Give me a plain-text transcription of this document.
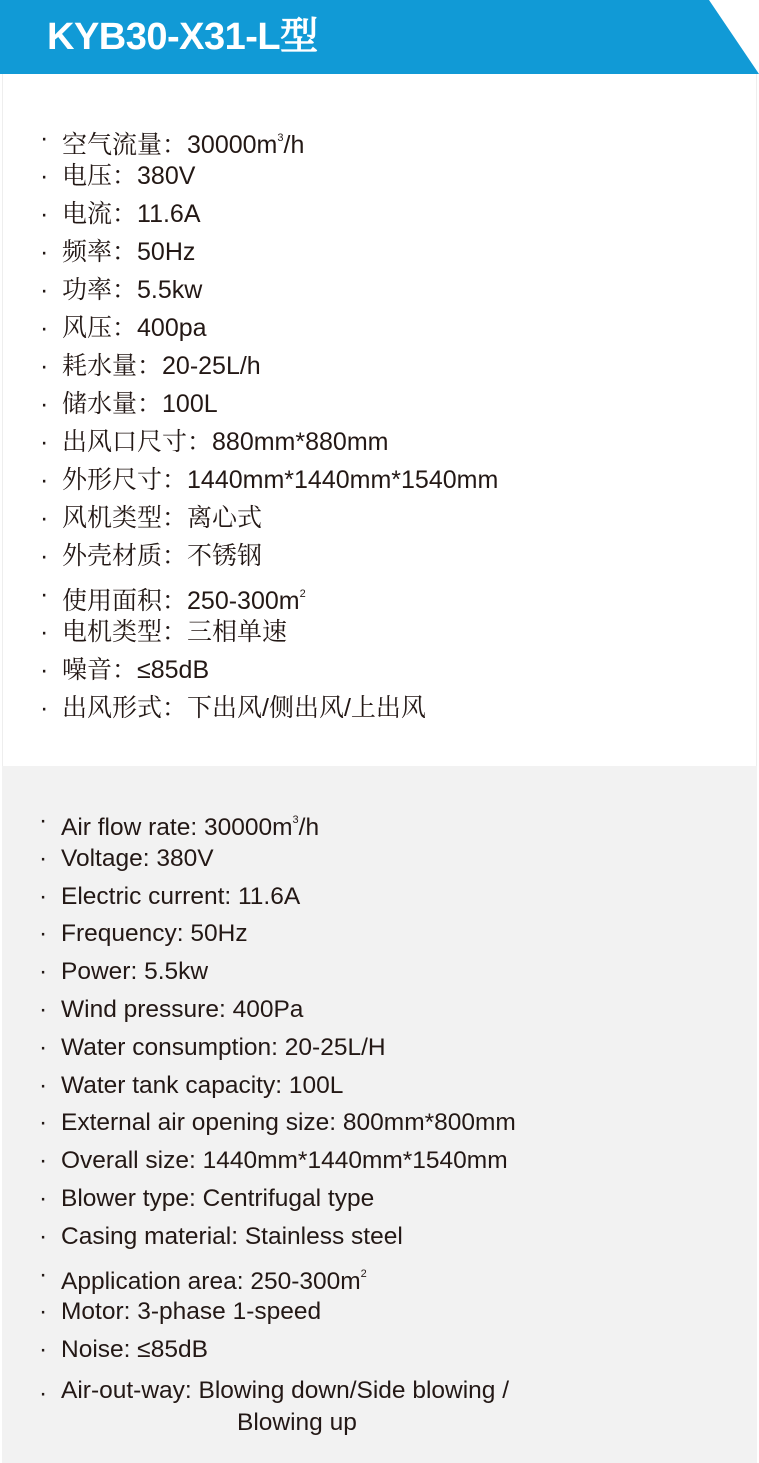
KYB30-X31-L型
· 空气流量：$30000m^3/h$
· 电压：380V
· 电流：11.6A
· 频率：50Hz
· 功率：5.5kw
· 风压：400pa
· 耗水量：20-25L/h
· 储水量：100L
· 出风口尺寸：880mm*880mm
· 外形尺寸：1440mm*1440mm*1540mm
· 风机类型：离心式
· 外壳材质：不锈钢
· 使用面积：$250-300m^2$
· 电机类型：三相单速
· 噪音：≤85dB
· 出风形式：下出风/侧出风/上出风
· Air flow rate: $30000m^3/h$
· Voltage: 380V
· Electric current: 11.6A
· Frequency: 50Hz
· Power: 5.5kw
· Wind pressure: 400Pa
· Water consumption: 20-25L/H
· Water tank capacity: 100L
· External air opening size: 800mm*800mm
· Overall size: 1440mm*1440mm*1540mm
· Blower type: Centrifugal type
· Casing material: Stainless steel
· Application area: $250-300m^2$
· Motor: 3-phase 1-speed
· Noise: ≤85dB
· Air-out-way: Blowing down/Side blowing /
Blowing up
